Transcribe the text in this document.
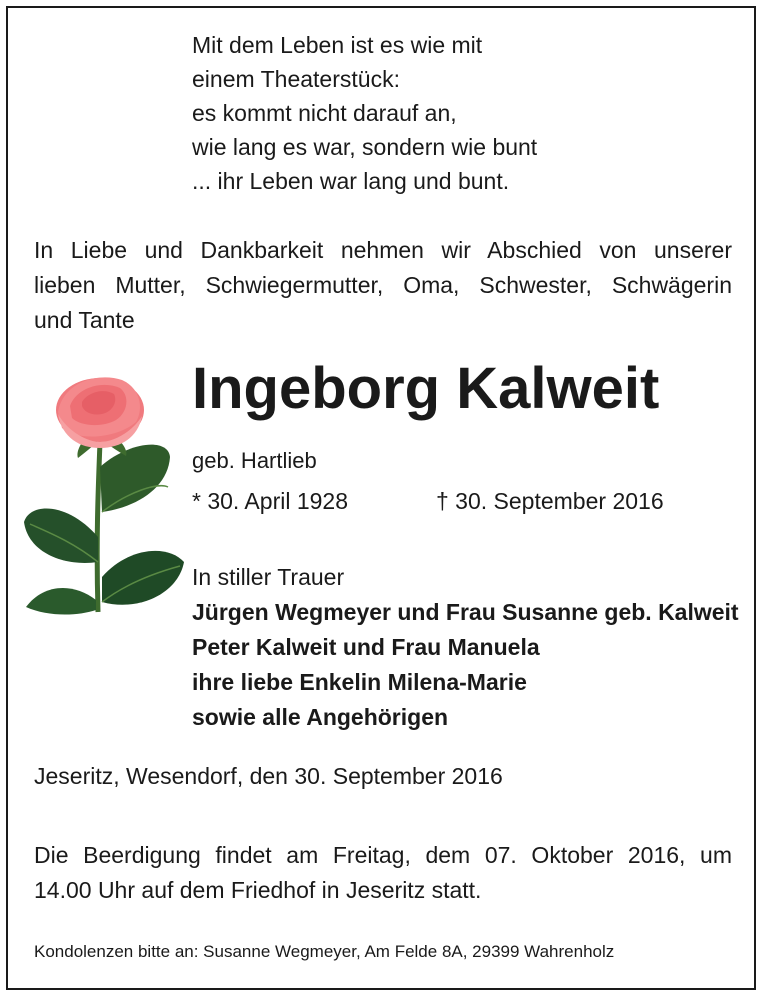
Mit dem Leben ist es wie mit
einem Theaterstück:
es kommt nicht darauf an,
wie lang es war, sondern wie bunt
... ihr Leben war lang und bunt.
In Liebe und Dankbarkeit nehmen wir Abschied von unserer
lieben Mutter, Schwiegermutter, Oma, Schwester, Schwägerin
und Tante
Ingeborg Kalweit
geb. Hartlieb
* 30. April 1928	† 30. September 2016
In stiller Trauer
Jürgen Wegmeyer und Frau Susanne geb. Kalweit
Peter Kalweit und Frau Manuela
ihre liebe Enkelin Milena-Marie
sowie alle Angehörigen
Jeseritz, Wesendorf, den 30. September 2016
Die Beerdigung findet am Freitag, dem 07. Oktober 2016, um
14.00 Uhr auf dem Friedhof in Jeseritz statt.
Kondolenzen bitte an: Susanne Wegmeyer, Am Felde 8A, 29399 Wahrenholz
